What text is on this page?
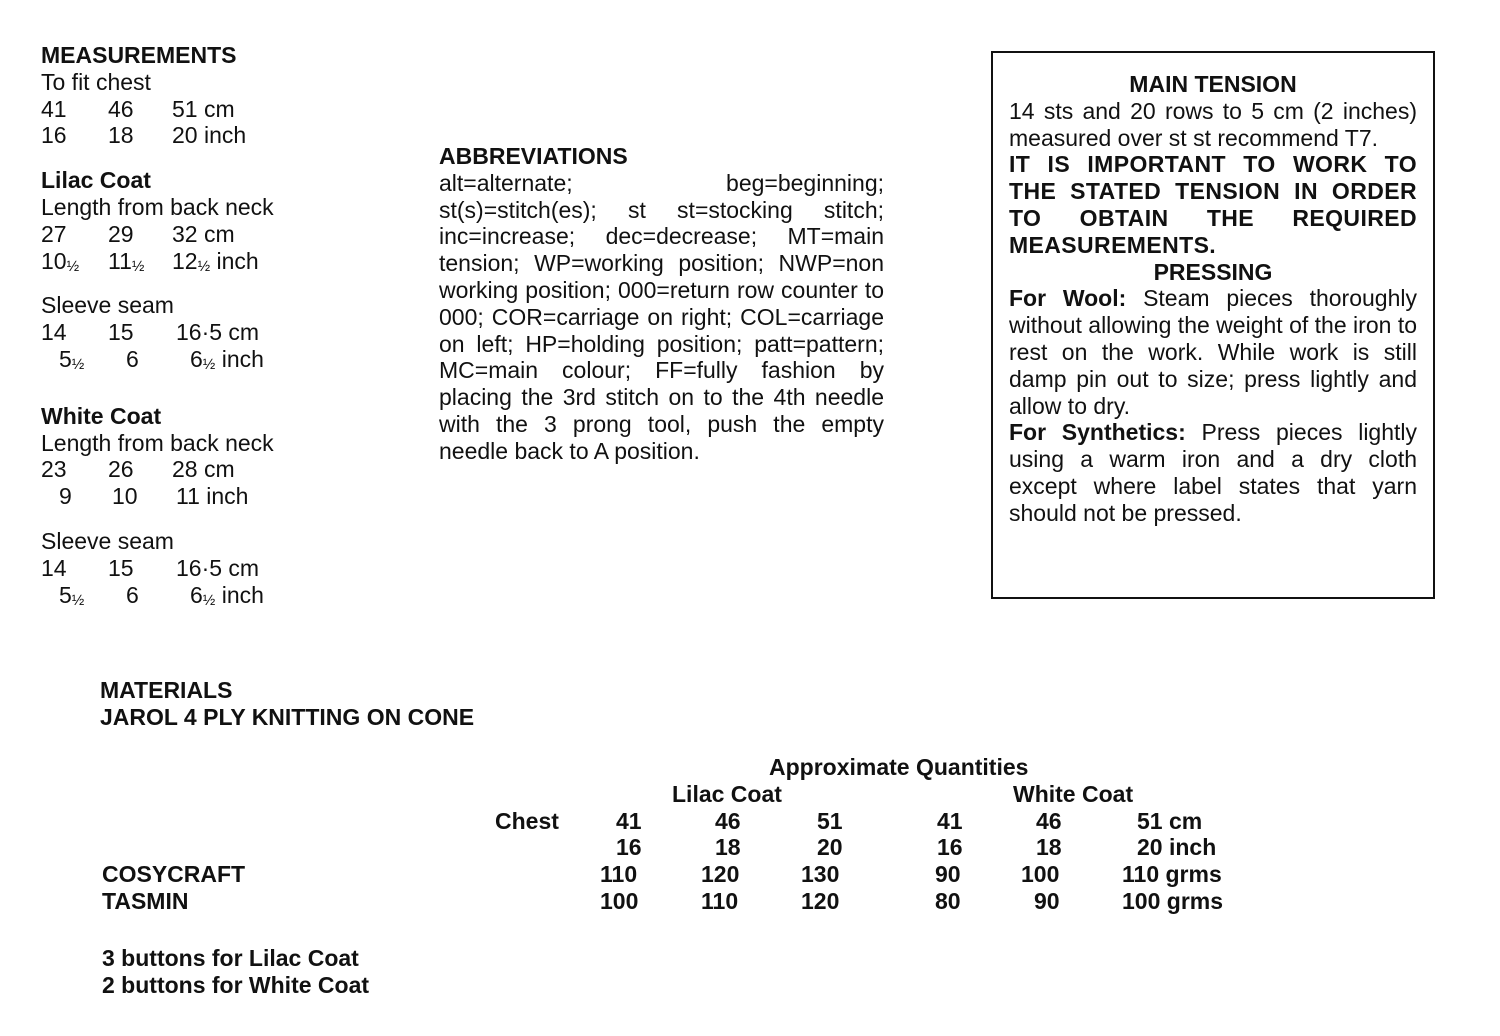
MEASUREMENTS
To fit chest
41 46 51 cm
16 18 20 inch
Lilac Coat
Length from back neck
27 29 32 cm
10½ 11½ 12½ inch
Sleeve seam
14 15 16·5 cm
5½ 6 6½ inch
White Coat
Length from back neck
23 26 28 cm
9 10 11 inch
Sleeve seam
14 15 16·5 cm
5½ 6 6½ inch
ABBREVIATIONS

alt=alternate; beg=beginning; st(s)=stitch(es); st st=stocking stitch; inc=increase; dec=decrease; MT=main tension; WP=working position; NWP=non working position; 000=return row counter to 000; COR=carriage on right; COL=carriage on left; HP=holding position; patt=pattern; MC=main colour; FF=fully fashion by placing the 3rd stitch on to the 4th needle with the 3 prong tool, push the empty needle back to A position.

MAIN TENSION

14 sts and 20 rows to 5 cm (2 inches) measured over st st recommend T7.

IT IS IMPORTANT TO WORK TO THE STATED TENSION IN ORDER TO OBTAIN THE REQUIRED MEASUREMENTS.

PRESSING

For Wool: Steam pieces thoroughly without allowing the weight of the iron to rest on the work. While work is still damp pin out to size; press lightly and allow to dry.

For Synthetics: Press pieces lightly using a warm iron and a dry cloth except where label states that yarn should not be pressed.

MATERIALS
JAROL 4 PLY KNITTING ON CONE
Approximate Quantities
Lilac Coat	White Coat
Chest 41	46	51	41	46	51 cm
16	18	20	16	18	20 inch
COSYCRAFT	110	120	130	90	100	110 grms
TASMIN	100	110	120	80	90	100 grms
3 buttons for Lilac Coat
2 buttons for White Coat
